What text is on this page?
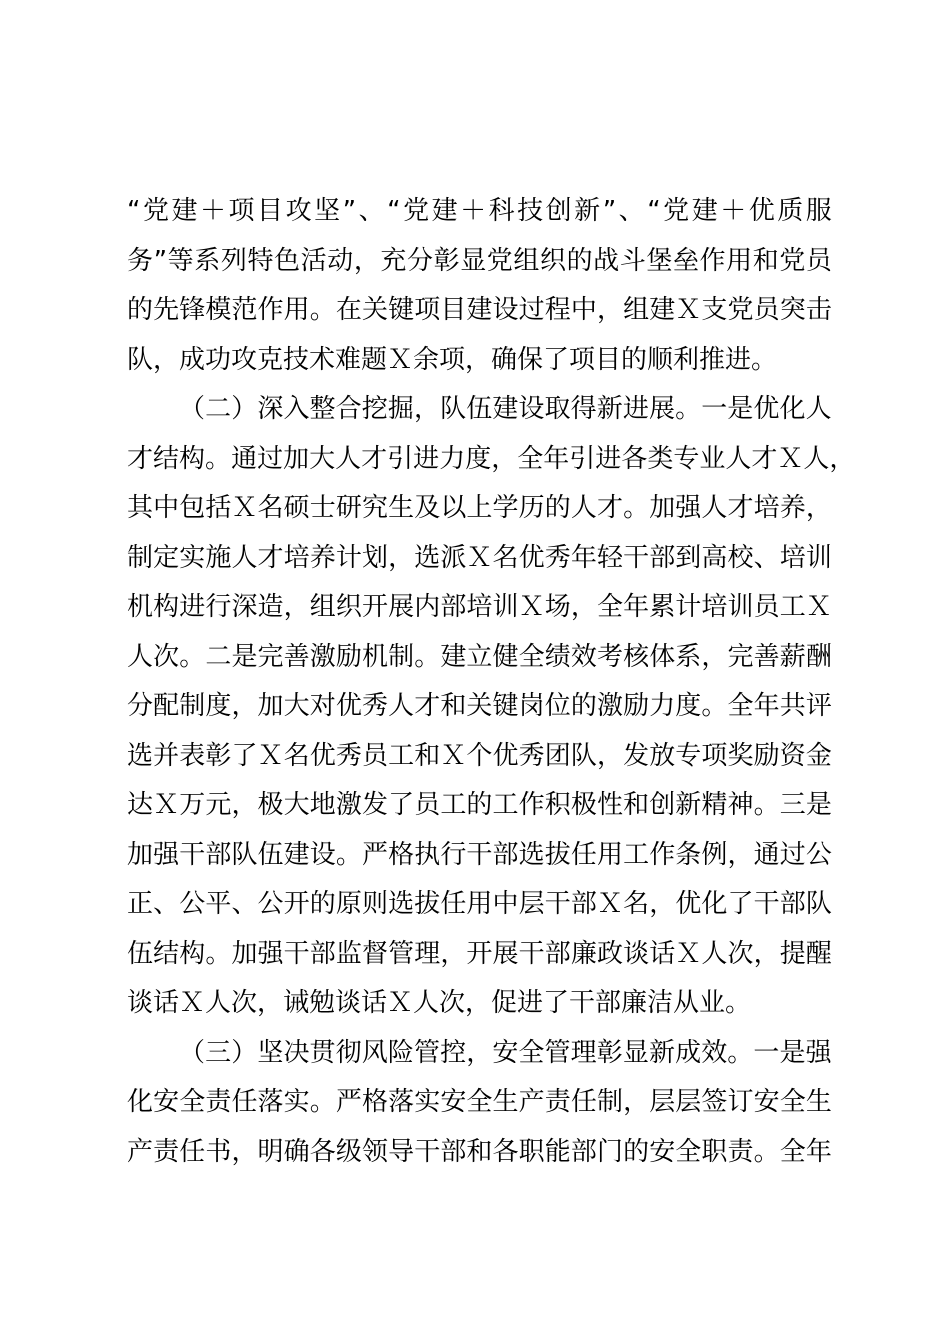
“ 党 建 ＋ 项 目 攻 坚 ” 、 “ 党 建 ＋ 科 技 创 新 ” 、 “ 党 建 ＋ 优 质 服
务 ” 等 系 列 特 色 活 动 ， 充 分 彰 显 党 组 织 的 战 斗 堡 垒 作 用 和 党 员
的 先 锋 模 范 作 用 。 在 关 键 项 目 建 设 过 程 中 ， 组 建 Ｘ 支 党 员 突 击
队，成功攻克技术难题Ｘ余项，确保了项目的顺利推进。
（ 二 ） 深 入 整 合 挖 掘 ， 队 伍 建 设 取 得 新 进 展 。 一 是 优 化 人
才 结 构 。 通 过 加 大 人 才 引 进 力 度 ， 全 年 引 进 各 类 专 业 人 才 Ｘ 人 ，
其 中 包 括 Ｘ 名 硕 士 研 究 生 及 以 上 学 历 的 人 才 。 加 强 人 才 培 养 ，
制 定 实 施 人 才 培 养 计 划 ， 选 派 Ｘ 名 优 秀 年 轻 干 部 到 高 校 、 培 训
机 构 进 行 深 造 ， 组 织 开 展 内 部 培 训 Ｘ 场 ， 全 年 累 计 培 训 员 工 Ｘ
人 次 。 二 是 完 善 激 励 机 制 。 建 立 健 全 绩 效 考 核 体 系 ， 完 善 薪 酬
分 配 制 度 ， 加 大 对 优 秀 人 才 和 关 键 岗 位 的 激 励 力 度 。 全 年 共 评
选 并 表 彰 了 Ｘ 名 优 秀 员 工 和 Ｘ 个 优 秀 团 队 ， 发 放 专 项 奖 励 资 金
达 Ｘ 万 元 ， 极 大 地 激 发 了 员 工 的 工 作 积 极 性 和 创 新 精 神 。 三 是
加 强 干 部 队 伍 建 设 。 严 格 执 行 干 部 选 拔 任 用 工 作 条 例 ， 通 过 公
正 、 公 平 、 公 开 的 原 则 选 拔 任 用 中 层 干 部 Ｘ 名 ， 优 化 了 干 部 队
伍 结 构 。 加 强 干 部 监 督 管 理 ， 开 展 干 部 廉 政 谈 话 Ｘ 人 次 ， 提 醒
谈话Ｘ人次，诫勉谈话Ｘ人次，促进了干部廉洁从业。
（ 三 ） 坚 决 贯 彻 风 险 管 控 ， 安 全 管 理 彰 显 新 成 效 。 一 是 强
化 安 全 责 任 落 实 。 严 格 落 实 安 全 生 产 责 任 制 ， 层 层 签 订 安 全 生
产 责 任 书 ， 明 确 各 级 领 导 干 部 和 各 职 能 部 门 的 安 全 职 责 。 全 年
